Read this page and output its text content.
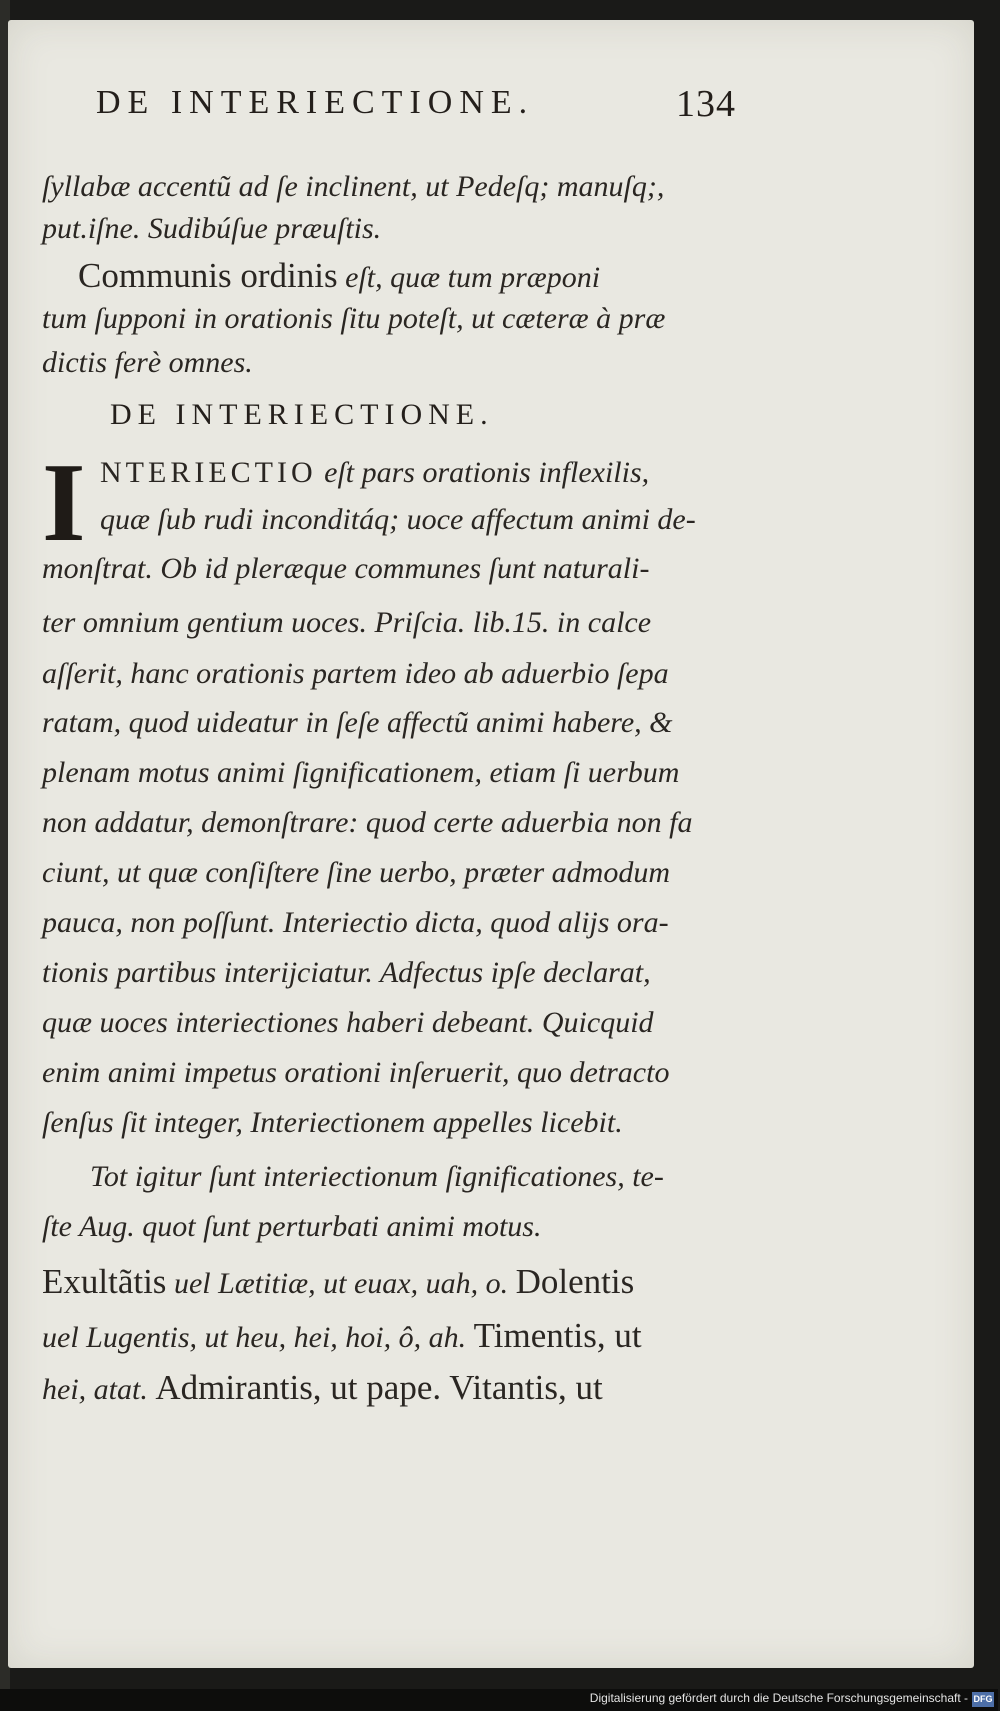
DE INTERIECTIONE.	134
ſyllabæ accentũ ad ſe inclinent, ut Pedeſq; manuſq;,
put.iſne. Sudibúſue præuſtis.
Communis ordinis eſt, quæ tum præponi
tum ſupponi in orationis ſitu poteſt, ut cæteræ à præ
dictis ferè omnes.
DE INTERIECTIONE.
I NTERIECTIO eſt pars orationis inflexilis,
quæ ſub rudi inconditáq; uoce affectum animi de-
monſtrat. Ob id pleræque communes ſunt naturali-
ter omnium gentium uoces. Priſcia. lib.15. in calce
aſſerit, hanc orationis partem ideo ab aduerbio ſepa
ratam, quod uideatur in ſeſe affectũ animi habere, &
plenam motus animi ſignificationem, etiam ſi uerbum
non addatur, demonſtrare: quod certe aduerbia non fa
ciunt, ut quæ conſiſtere ſine uerbo, præter admodum
pauca, non poſſunt. Interiectio dicta, quod alijs ora-
tionis partibus interijciatur. Adfectus ipſe declarat,
quæ uoces interiectiones haberi debeant. Quicquid
enim animi impetus orationi inſeruerit, quo detracto
ſenſus ſit integer, Interiectionem appelles licebit.
Tot igitur ſunt interiectionum ſignificationes, te-
ſte Aug. quot ſunt perturbati animi motus.
Exultãtis uel Lætitiæ, ut euax, uah, o. Dolentis
uel Lugentis, ut heu, hei, hoi, ô, ah. Timentis, ut
hei, atat. Admirantis, ut pape. Vitantis, ut
Digitalisierung gefördert durch die Deutsche Forschungsgemeinschaft - DFG
